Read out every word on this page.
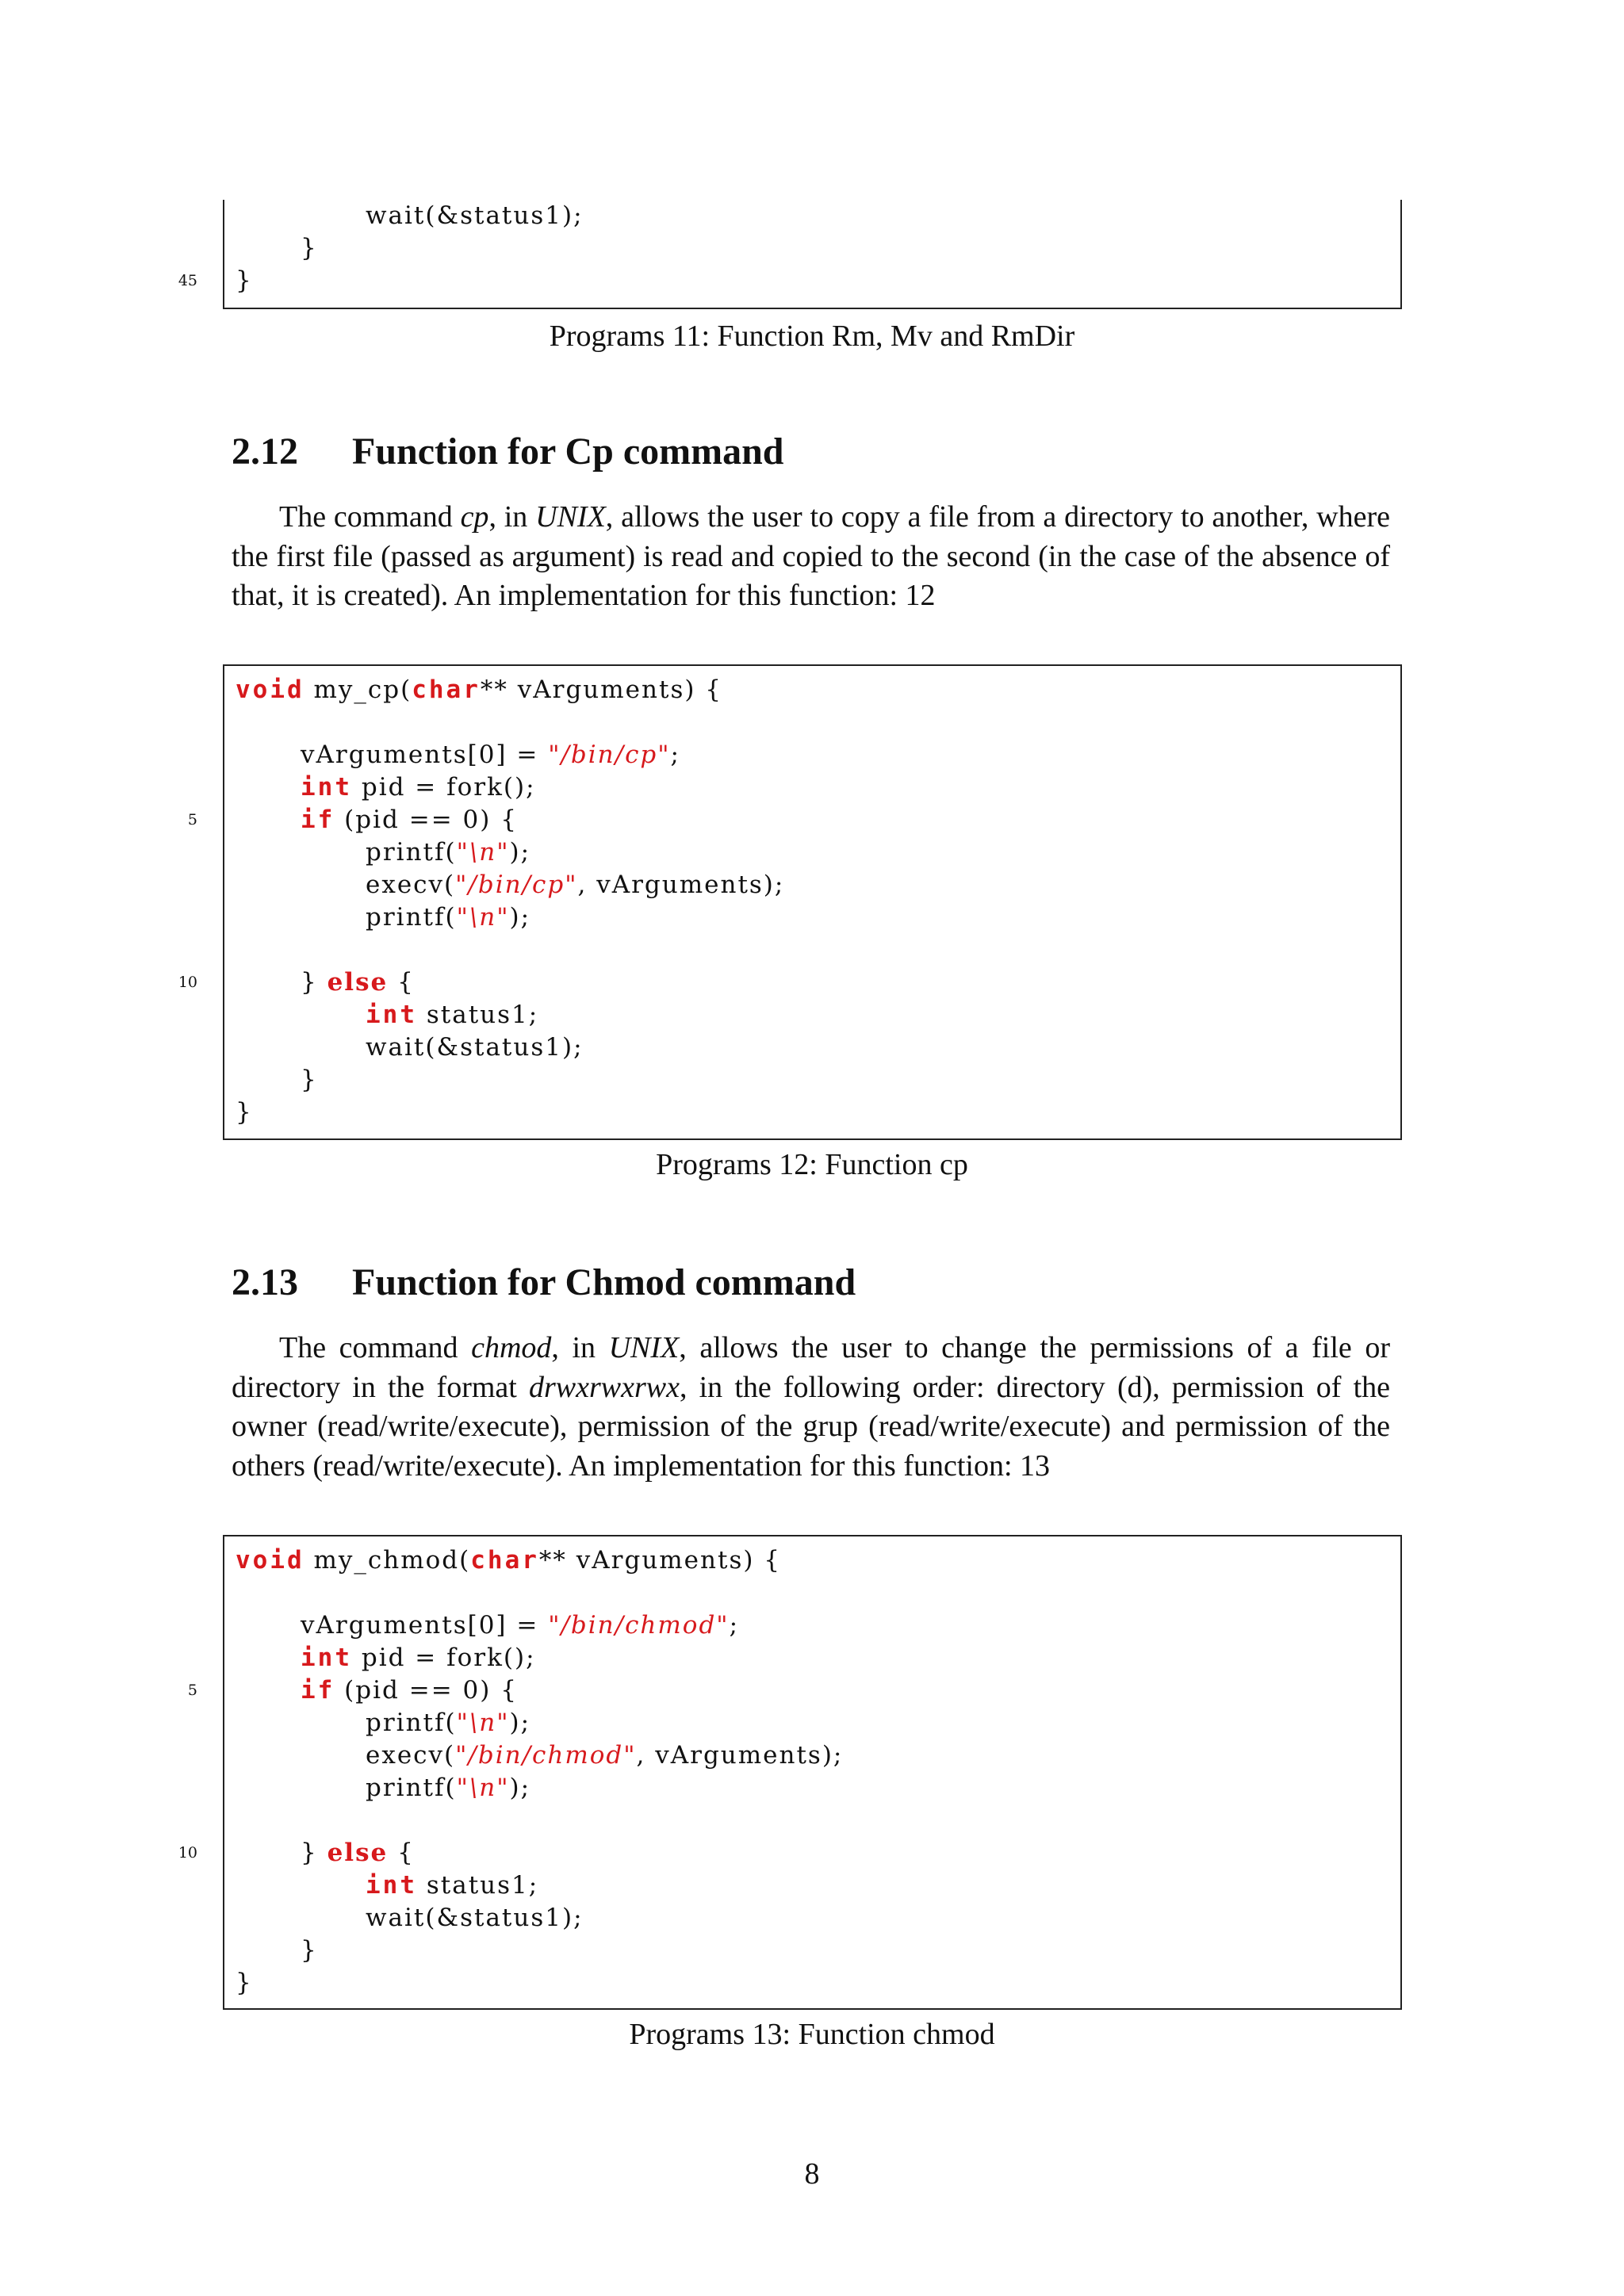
wait(&status1);
}
}
45
Programs 11: Function Rm, Mv and RmDir
2.12 Function for Cp command

The command cp, in UNIX, allows the user to copy a file from a directory to another, where the first file (passed as argument) is read and copied to the second (in the case of the absence of that, it is created). An implementation for this function: 12

void my_cp(char** vArguments) {
vArguments[0] = "/bin/cp";
int pid = fork();
if (pid == 0) {
5
printf("\n");
execv("/bin/cp", vArguments);
printf("\n");
} else {
10
int status1;
wait(&status1);
}
}
Programs 12: Function cp
2.13 Function for Chmod command

The command chmod, in UNIX, allows the user to change the permissions of a file or directory in the format drwxrwxrwx, in the following order: directory (d), permission of the owner (read/write/execute), permission of the grup (read/write/execute) and permission of the others (read/write/execute). An implementation for this function: 13

void my_chmod(char** vArguments) {
vArguments[0] = "/bin/chmod";
int pid = fork();
if (pid == 0) {
5
printf("\n");
execv("/bin/chmod", vArguments);
printf("\n");
} else {
10
int status1;
wait(&status1);
}
}
Programs 13: Function chmod
8
